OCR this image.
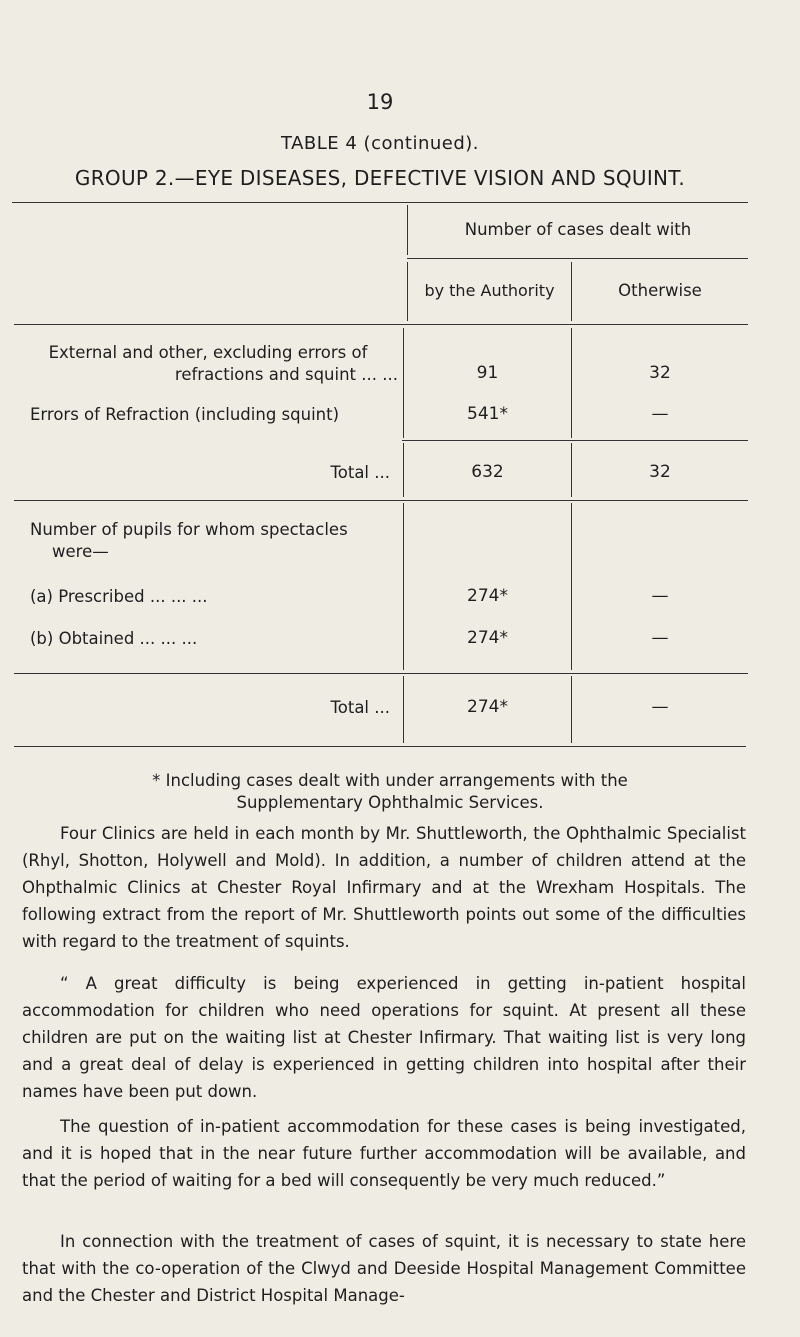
19
TABLE 4 (continued).
GROUP 2.—EYE DISEASES, DEFECTIVE VISION AND SQUINT.
Number of cases dealt with
by the Authority	Otherwise
External and other, excluding errors of
refractions and squint ... ...	91	32
Errors of Refraction (including squint)	541*	—
Total ...	632	32
Number of pupils for whom spectacles
were—
(a) Prescribed ... ... ...	274*	—
(b) Obtained ... ... ...	274*	—
Total ...	274*	—
* Including cases dealt with under arrangements with the
Supplementary Ophthalmic Services.
Four Clinics are held in each month by Mr. Shuttleworth, the Ophthalmic Specialist (Rhyl, Shotton, Holywell and Mold). In addition, a number of children attend at the Ohpthalmic Clinics at Chester Royal Infirmary and at the Wrexham Hospitals. The following extract from the report of Mr. Shuttleworth points out some of the difficulties with regard to the treatment of squints.
“ A great difficulty is being experienced in getting in-patient hospital accommodation for children who need operations for squint. At present all these children are put on the waiting list at Chester Infirmary. That waiting list is very long and a great deal of delay is experienced in getting children into hospital after their names have been put down.
The question of in-patient accommodation for these cases is being investigated, and it is hoped that in the near future further accommodation will be available, and that the period of waiting for a bed will consequently be very much reduced.”
In connection with the treatment of cases of squint, it is necessary to state here that with the co-operation of the Clwyd and Deeside Hospital Management Committee and the Chester and District Hospital Manage-
